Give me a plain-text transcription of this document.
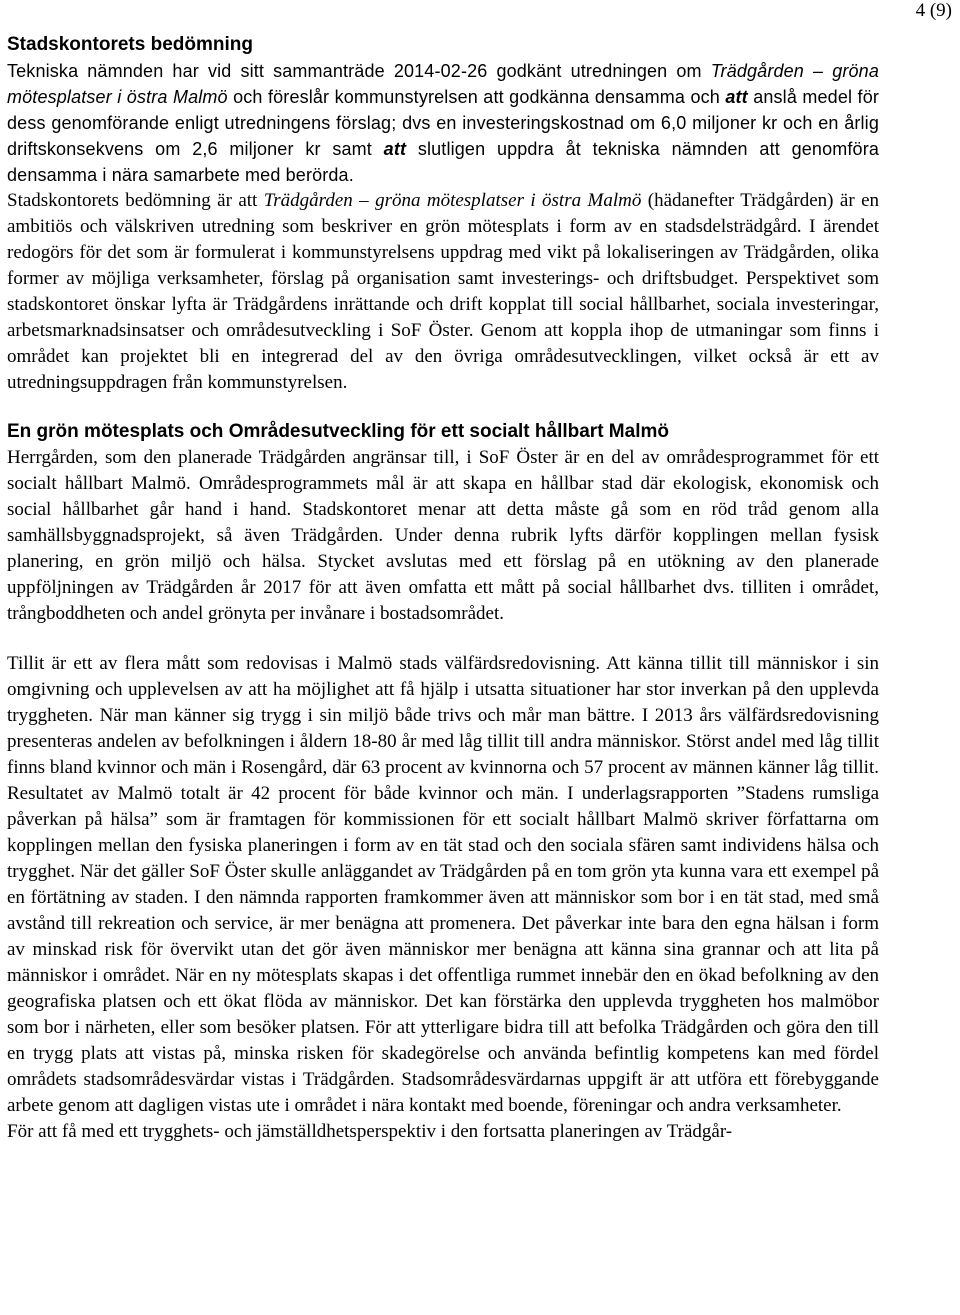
4 (9)
Stadskontorets bedömning

Tekniska nämnden har vid sitt sammanträde 2014-02-26 godkänt utredningen om Trädgården – gröna mötesplatser i östra Malmö och föreslår kommunstyrelsen att godkänna densamma och att anslå medel för dess genomförande enligt utredningens förslag; dvs en investeringskostnad om 6,0 miljoner kr och en årlig driftskonsekvens om 2,6 miljoner kr samt att slutligen uppdra åt tekniska nämnden att genomföra densamma i nära samarbete med berörda.

Stadskontorets bedömning är att Trädgården – gröna mötesplatser i östra Malmö (hädanefter Trädgården) är en ambitiös och välskriven utredning som beskriver en grön mötesplats i form av en stadsdelsträdgård. I ärendet redogörs för det som är formulerat i kommunstyrelsens uppdrag med vikt på lokaliseringen av Trädgården, olika former av möjliga verksamheter, förslag på organisation samt investerings- och driftsbudget. Perspektivet som stadskontoret önskar lyfta är Trädgårdens inrättande och drift kopplat till social hållbarhet, sociala investeringar, arbetsmarknadsinsatser och områdesutveckling i SoF Öster. Genom att koppla ihop de utmaningar som finns i området kan projektet bli en integrerad del av den övriga områdesutvecklingen, vilket också är ett av utredningsuppdragen från kommunstyrelsen.

En grön mötesplats och Områdesutveckling för ett socialt hållbart Malmö

Herrgården, som den planerade Trädgården angränsar till, i SoF Öster är en del av områdesprogrammet för ett socialt hållbart Malmö. Områdesprogrammets mål är att skapa en hållbar stad där ekologisk, ekonomisk och social hållbarhet går hand i hand. Stadskontoret menar att detta måste gå som en röd tråd genom alla samhällsbyggnadsprojekt, så även Trädgården. Under denna rubrik lyfts därför kopplingen mellan fysisk planering, en grön miljö och hälsa. Stycket avslutas med ett förslag på en utökning av den planerade uppföljningen av Trädgården år 2017 för att även omfatta ett mått på social hållbarhet dvs. tilliten i området, trångboddheten och andel grönyta per invånare i bostadsområdet.

Tillit är ett av flera mått som redovisas i Malmö stads välfärdsredovisning. Att känna tillit till människor i sin omgivning och upplevelsen av att ha möjlighet att få hjälp i utsatta situationer har stor inverkan på den upplevda tryggheten. När man känner sig trygg i sin miljö både trivs och mår man bättre. I 2013 års välfärdsredovisning presenteras andelen av befolkningen i åldern 18-80 år med låg tillit till andra människor. Störst andel med låg tillit finns bland kvinnor och män i Rosengård, där 63 procent av kvinnorna och 57 procent av männen känner låg tillit. Resultatet av Malmö totalt är 42 procent för både kvinnor och män. I underlagsrapporten ”Stadens rumsliga påverkan på hälsa” som är framtagen för kommissionen för ett socialt hållbart Malmö skriver författarna om kopplingen mellan den fysiska planeringen i form av en tät stad och den sociala sfären samt individens hälsa och trygghet. När det gäller SoF Öster skulle anläggandet av Trädgården på en tom grön yta kunna vara ett exempel på en förtätning av staden. I den nämnda rapporten framkommer även att människor som bor i en tät stad, med små avstånd till rekreation och service, är mer benägna att promenera. Det påverkar inte bara den egna hälsan i form av minskad risk för övervikt utan det gör även människor mer benägna att känna sina grannar och att lita på människor i området. När en ny mötesplats skapas i det offentliga rummet innebär den en ökad befolkning av den geografiska platsen och ett ökat flöda av människor. Det kan förstärka den upplevda tryggheten hos malmöbor som bor i närheten, eller som besöker platsen. För att ytterligare bidra till att befolka Trädgården och göra den till en trygg plats att vistas på, minska risken för skadegörelse och använda befintlig kompetens kan med fördel områdets stadsområdesvärdar vistas i Trädgården. Stadsområdesvärdarnas uppgift är att utföra ett förebyggande arbete genom att dagligen vistas ute i området i nära kontakt med boende, föreningar och andra verksamheter.

För att få med ett trygghets- och jämställdhetsperspektiv i den fortsatta planeringen av Trädgår-
